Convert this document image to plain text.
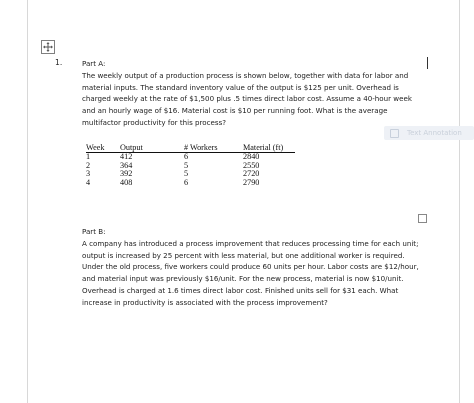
1.	Part A:
The weekly output of a production process is shown below, together with data for labor and material inputs. The standard inventory value of the output is $125 per unit. Overhead is charged weekly at the rate of $1,500 plus .5 times direct labor cost. Assume a 40-hour week and an hourly wage of $16. Material cost is $10 per running foot. What is the average multifactor productivity for this process?
Week	Output	# Workers	Material (ft)
1	412	6	2840
2	364	5	2550
3	392	5	2720
4	408	6	2790
Text Annotation
Part B:
A company has introduced a process improvement that reduces processing time for each unit; output is increased by 25 percent with less material, but one additional worker is required. Under the old process, five workers could produce 60 units per hour. Labor costs are $12/hour, and material input was previously $16/unit. For the new process, material is now $10/unit. Overhead is charged at 1.6 times direct labor cost. Finished units sell for $31 each. What increase in productivity is associated with the process improvement?
